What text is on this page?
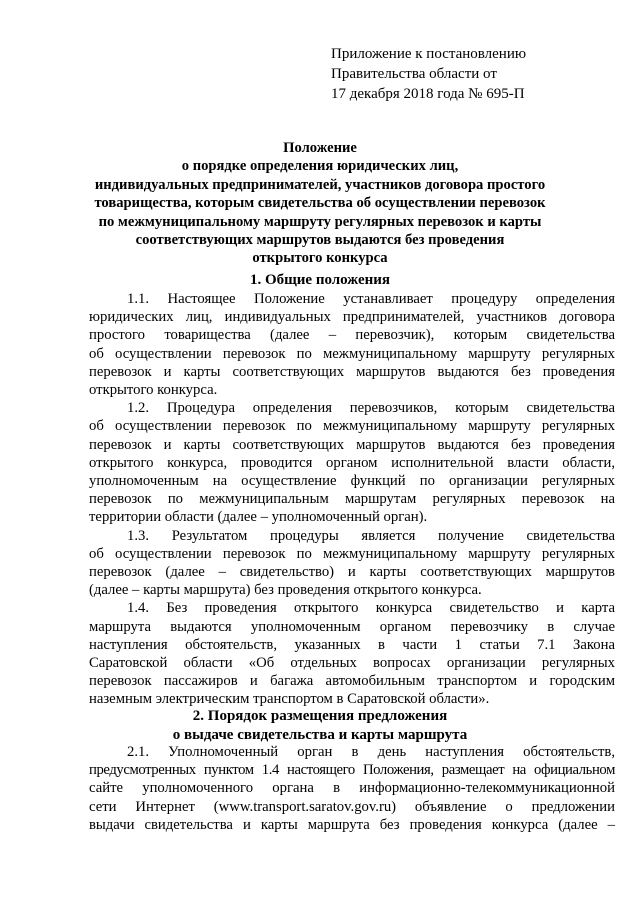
Приложение к постановлению
Правительства области от
17 декабря 2018 года № 695-П
Положение
о порядке определения юридических лиц,
индивидуальных предпринимателей, участников договора простого
товарищества, которым свидетельства об осуществлении перевозок
по межмуниципальному маршруту регулярных перевозок и карты
соответствующих маршрутов выдаются без проведения
открытого конкурса
1. Общие положения
1.1. Настоящее Положение устанавливает процедуру определения
юридических лиц, индивидуальных предпринимателей, участников договора
простого товарищества (далее – перевозчик), которым свидетельства
об осуществлении перевозок по межмуниципальному маршруту регулярных
перевозок и карты соответствующих маршрутов выдаются без проведения
открытого конкурса.
1.2. Процедура определения перевозчиков, которым свидетельства
об осуществлении перевозок по межмуниципальному маршруту регулярных
перевозок и карты соответствующих маршрутов выдаются без проведения
открытого конкурса, проводится органом исполнительной власти области,
уполномоченным на осуществление функций по организации регулярных
перевозок по межмуниципальным маршрутам регулярных перевозок на
территории области (далее – уполномоченный орган).
1.3. Результатом процедуры является получение свидетельства
об осуществлении перевозок по межмуниципальному маршруту регулярных
перевозок (далее – свидетельство) и карты соответствующих маршрутов
(далее – карты маршрута) без проведения открытого конкурса.
1.4. Без проведения открытого конкурса свидетельство и карта
маршрута выдаются уполномоченным органом перевозчику в случае
наступления обстоятельств, указанных в части 1 статьи 7.1 Закона
Саратовской области «Об отдельных вопросах организации регулярных
перевозок пассажиров и багажа автомобильным транспортом и городским
наземным электрическим транспортом в Саратовской области».
2. Порядок размещения предложения
о выдаче свидетельства и карты маршрута
2.1. Уполномоченный орган в день наступления обстоятельств,
предусмотренных пунктом 1.4 настоящего Положения, размещает на официальном
сайте уполномоченного органа в информационно-телекоммуникационной
сети Интернет (www.transport.saratov.gov.ru) объявление о предложении
выдачи свидетельства и карты маршрута без проведения конкурса (далее –
